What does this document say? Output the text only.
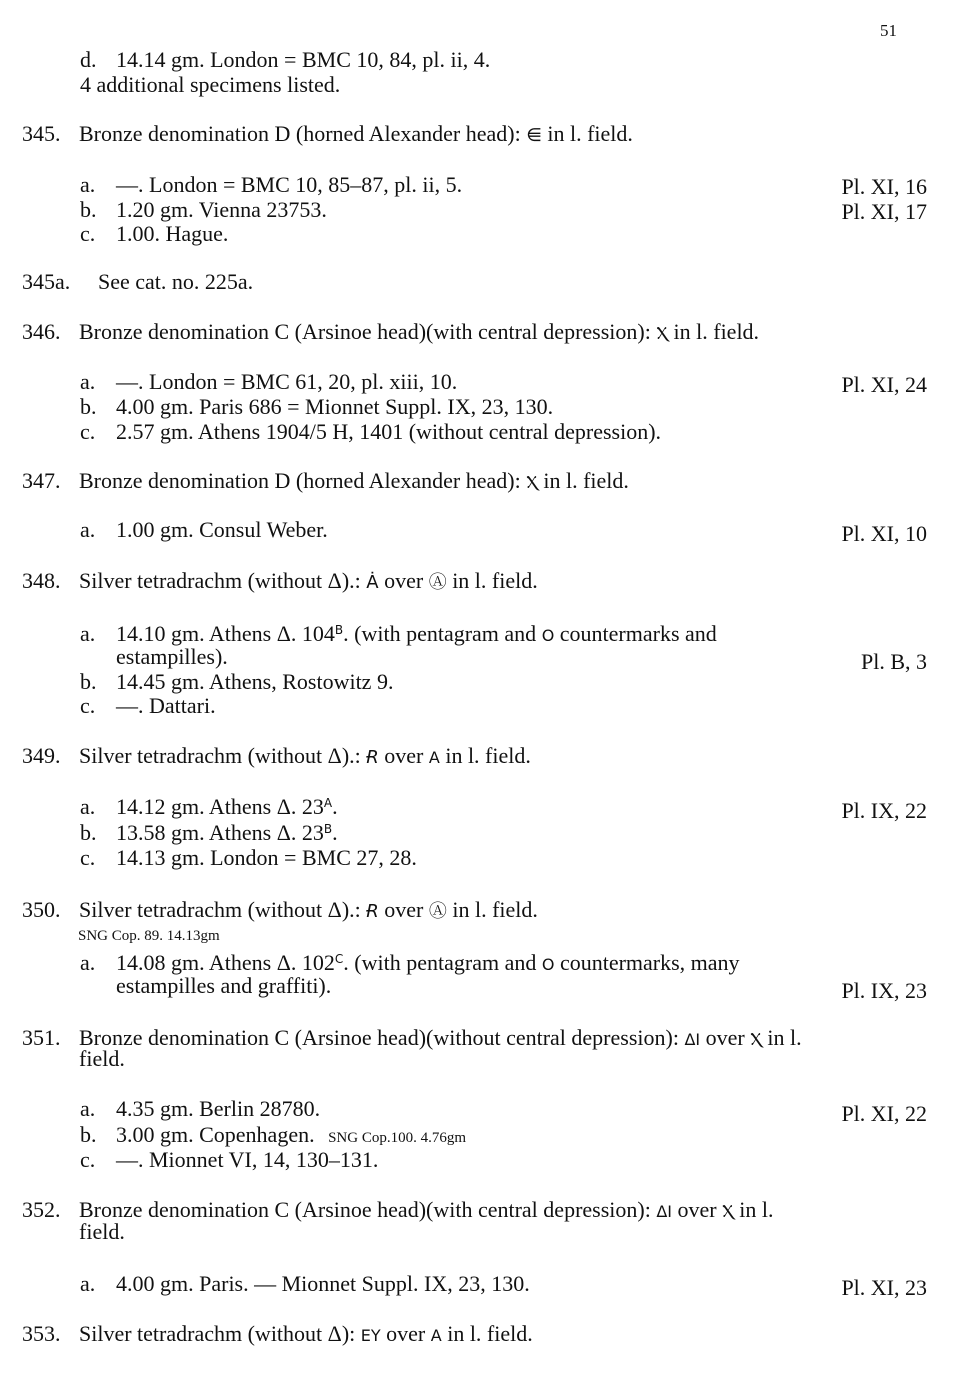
51
d. 14.14 gm. London = BMC 10, 84, pl. ii, 4.
4 additional specimens listed.
345. Bronze denomination D (horned Alexander head): ⋹ in l. field.
a. —. London = BMC 10, 85–87, pl. ii, 5.	Pl. XI, 16
b. 1.20 gm. Vienna 23753.	Pl. XI, 17
c. 1.00. Hague.
345a. See cat. no. 225a.
346. Bronze denomination C (Arsinoe head)(with central depression): Ⲭ in l. field.
a. —. London = BMC 61, 20, pl. xiii, 10.	Pl. XI, 24
b. 4.00 gm. Paris 686 = Mionnet Suppl. IX, 23, 130.
c. 2.57 gm. Athens 1904/5 H, 1401 (without central depression).
347. Bronze denomination D (horned Alexander head): Ⲭ in l. field.
a. 1.00 gm. Consul Weber.	Pl. XI, 10
348. Silver tetradrachm (without Δ).: Ȧ over Ⓐ in l. field.
a. 14.10 gm. Athens Δ. $104^B$. (with pentagram and O countermarks and
estampilles).	Pl. B, 3
b. 14.45 gm. Athens, Rostowitz 9.
c. —. Dattari.
349. Silver tetradrachm (without Δ).: Ɍ over A in l. field.
a. 14.12 gm. Athens Δ. $23^A$.	Pl. IX, 22
b. 13.58 gm. Athens Δ. $23^B$.
c. 14.13 gm. London = BMC 27, 28.
350. Silver tetradrachm (without Δ).: Ɍ over Ⓐ in l. field.
SNG Cop. 89. 14.13gm
a. 14.08 gm. Athens Δ. $102^C$. (with pentagram and O countermarks, many
estampilles and graffiti).	Pl. IX, 23
351. Bronze denomination C (Arsinoe head)(without central depression): ΔI over Ⲭ in l.
field.
a. 4.35 gm. Berlin 28780.	Pl. XI, 22
b. 3.00 gm. Copenhagen. SNG Cop.100. 4.76gm
c. —. Mionnet VI, 14, 130–131.
352. Bronze denomination C (Arsinoe head)(with central depression): ΔI over Ⲭ in l.
field.
a. 4.00 gm. Paris. — Mionnet Suppl. IX, 23, 130.	Pl. XI, 23
353. Silver tetradrachm (without Δ): EY over A in l. field.
